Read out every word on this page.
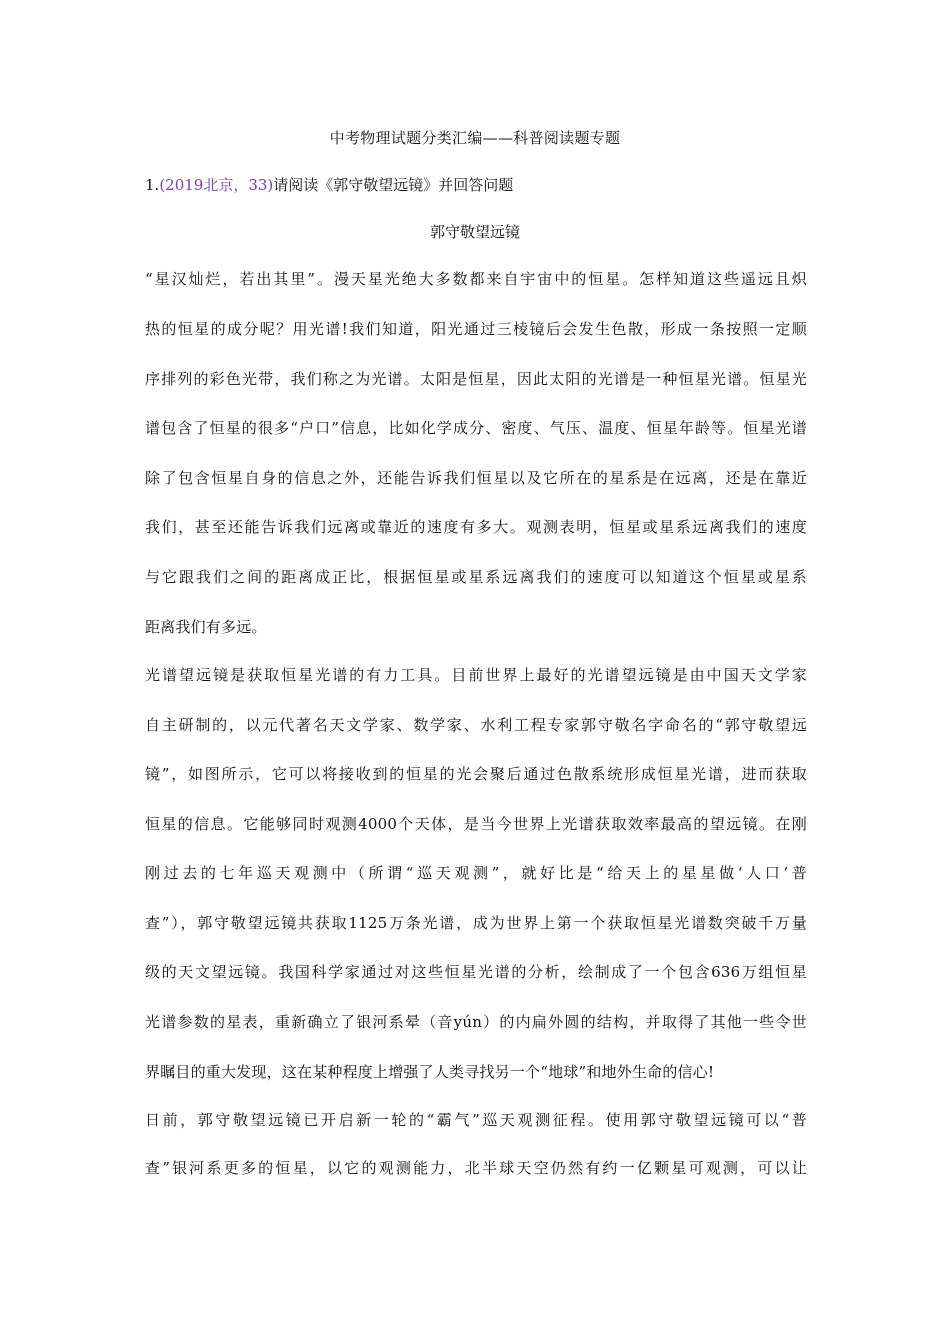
中考物理试题分类汇编——科普阅读题专题
1.(2019北京，33)请阅读《郭守敬望远镜》并回答问题
郭守敬望远镜
“星汉灿烂，若出其里”。漫天星光绝大多数都来自宇宙中的恒星。怎样知道这些遥远且炽
热的恒星的成分呢？用光谱!我们知道，阳光通过三棱镜后会发生色散，形成一条按照一定顺
序排列的彩色光带，我们称之为光谱。太阳是恒星，因此太阳的光谱是一种恒星光谱。恒星光
谱包含了恒星的很多“户口”信息，比如化学成分、密度、气压、温度、恒星年龄等。恒星光谱
除了包含恒星自身的信息之外，还能告诉我们恒星以及它所在的星系是在远离，还是在靠近
我们，甚至还能告诉我们远离或靠近的速度有多大。观测表明，恒星或星系远离我们的速度
与它跟我们之间的距离成正比，根据恒星或星系远离我们的速度可以知道这个恒星或星系
距离我们有多远。
光谱望远镜是获取恒星光谱的有力工具。目前世界上最好的光谱望远镜是由中国天文学家
自主研制的，以元代著名天文学家、数学家、水利工程专家郭守敬名字命名的“郭守敬望远
镜”，如图所示，它可以将接收到的恒星的光会聚后通过色散系统形成恒星光谱，进而获取
恒星的信息。它能够同时观测4000个天体，是当今世界上光谱获取效率最高的望远镜。在刚
刚过去的七年巡天观测中（所谓“巡天观测”，就好比是“给天上的星星做‘人口’普
查”），郭守敬望远镜共获取1125万条光谱，成为世界上第一个获取恒星光谱数突破千万量
级的天文望远镜。我国科学家通过对这些恒星光谱的分析，绘制成了一个包含636万组恒星
光谱参数的星表，重新确立了银河系晕（音yún）的内扁外圆的结构，并取得了其他一些令世
界瞩目的重大发现，这在某种程度上增强了人类寻找另一个“地球”和地外生命的信心!
日前，郭守敬望远镜已开启新一轮的“霸气”巡天观测征程。使用郭守敬望远镜可以“普
查”银河系更多的恒星，以它的观测能力，北半球天空仍然有约一亿颗星可观测，可以让
